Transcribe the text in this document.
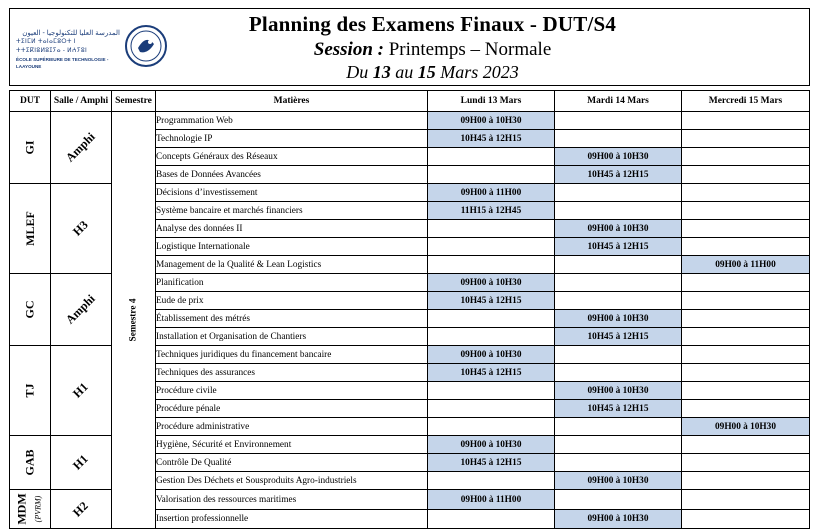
المدرسة العليا للتكنولوجيا - العيون
ⵜⵉⵏⵎⵍ ⵜⴰⵏⴰⵎⵓⵔⵜ ⵏ ⵜⵜⵉⴽⵏⵓⵍⵓⵊⵢⴰ - ⵍⵄⵢⵓⵏ
ÉCOLE SUPÉRIEURE DE TECHNOLOGIE - LAAYOUNE
Planning des Examens Finaux - DUT/S4
Session : Printemps – Normale
Du 13 au 15 Mars 2023
DUT	Salle / Amphi	Semestre	Matières	Lundi 13 Mars	Mardi 14 Mars	Mercredi 15 Mars
GI	Amphi	Semestre 4	Programmation Web	09H00 à 10H30		
			Technologie IP	10H45 à 12H15		
			Concepts Généraux des Réseaux		09H00 à 10H30	
			Bases de Données Avancées		10H45 à 12H15	
MLEF	H3		Décisions d’investissement	09H00 à 11H00		
			Système bancaire et marchés financiers	11H15 à 12H45		
			Analyse des données II		09H00 à 10H30	
			Logistique Internationale		10H45 à 12H15	
			Management de la Qualité & Lean Logistics			09H00 à 11H00
GC	Amphi		Planification	09H00 à 10H30		
			Eude de prix	10H45 à 12H15		
			Établissement des métrés		09H00 à 10H30	
			Installation et Organisation de Chantiers		10H45 à 12H15	
TJ	H1		Techniques juridiques du financement bancaire	09H00 à 10H30		
			Techniques des assurances	10H45 à 12H15		
			Procédure civile		09H00 à 10H30	
			Procédure pénale		10H45 à 12H15	
			Procédure administrative			09H00 à 10H30
GAB	H1		Hygiène, Sécurité et Environnement	09H00 à 10H30		
			Contrôle De Qualité	10H45 à 12H15		
			Gestion Des Déchets et Sousproduits Agro-industriels		09H00 à 10H30	
MDM (PVRM)	H2		Valorisation des ressources maritimes	09H00 à 11H00		
			Insertion professionnelle		09H00 à 10H30	
